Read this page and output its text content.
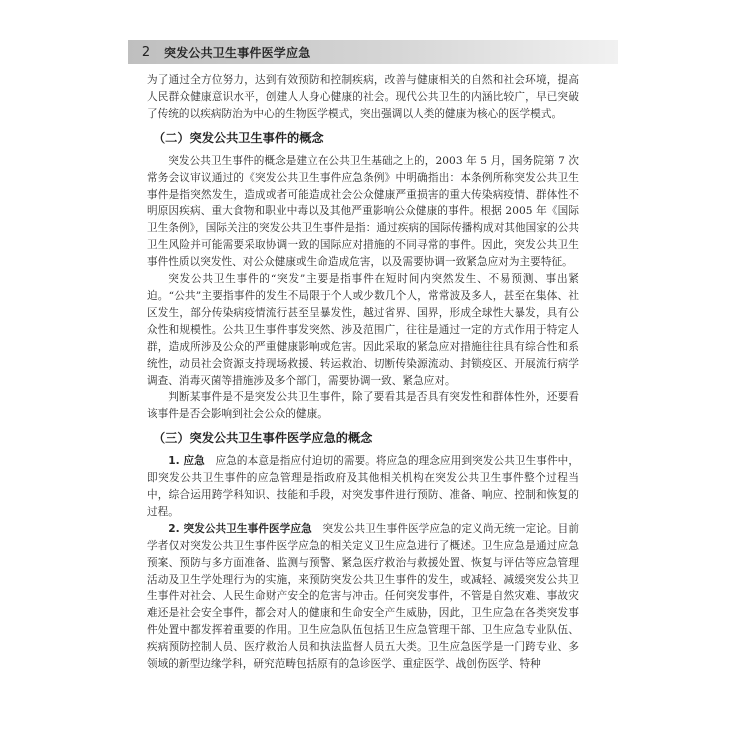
2	突发公共卫生事件医学应急

为了通过全方位努力，达到有效预防和控制疾病，改善与健康相关的自然和社会环境，提高人民群众健康意识水平，创建人人身心健康的社会。现代公共卫生的内涵比较广，早已突破了传统的以疾病防治为中心的生物医学模式，突出强调以人类的健康为核心的医学模式。

（二）突发公共卫生事件的概念

突发公共卫生事件的概念是建立在公共卫生基础之上的，2003 年 5 月，国务院第 7 次常务会议审议通过的《突发公共卫生事件应急条例》中明确指出：本条例所称突发公共卫生事件是指突然发生，造成或者可能造成社会公众健康严重损害的重大传染病疫情、群体性不明原因疾病、重大食物和职业中毒以及其他严重影响公众健康的事件。根据 2005 年《国际卫生条例》，国际关注的突发公共卫生事件是指：通过疾病的国际传播构成对其他国家的公共卫生风险并可能需要采取协调一致的国际应对措施的不同寻常的事件。因此，突发公共卫生事件性质以突发性、对公众健康或生命造成危害，以及需要协调一致紧急应对为主要特征。

突发公共卫生事件的“突发”主要是指事件在短时间内突然发生、不易预测、事出紧迫。“公共”主要指事件的发生不局限于个人或少数几个人，常常波及多人，甚至在集体、社区发生，部分传染病疫情流行甚至呈暴发性，越过省界、国界，形成全球性大暴发，具有公众性和规模性。公共卫生事件事发突然、涉及范围广，往往是通过一定的方式作用于特定人群，造成所涉及公众的严重健康影响或危害。因此采取的紧急应对措施往往具有综合性和系统性，动员社会资源支持现场救援、转运救治、切断传染源流动、封锁疫区、开展流行病学调查、消毒灭菌等措施涉及多个部门，需要协调一致、紧急应对。

判断某事件是不是突发公共卫生事件，除了要看其是否具有突发性和群体性外，还要看该事件是否会影响到社会公众的健康。

（三）突发公共卫生事件医学应急的概念

1. 应急　应急的本意是指应付迫切的需要。将应急的理念应用到突发公共卫生事件中，即突发公共卫生事件的应急管理是指政府及其他相关机构在突发公共卫生事件整个过程当中，综合运用跨学科知识、技能和手段，对突发事件进行预防、准备、响应、控制和恢复的过程。

2. 突发公共卫生事件医学应急　突发公共卫生事件医学应急的定义尚无统一定论。目前学者仅对突发公共卫生事件医学应急的相关定义卫生应急进行了概述。卫生应急是通过应急预案、预防与多方面准备、监测与预警、紧急医疗救治与救援处置、恢复与评估等应急管理活动及卫生学处理行为的实施，来预防突发公共卫生事件的发生，或减轻、减缓突发公共卫生事件对社会、人民生命财产安全的危害与冲击。任何突发事件，不管是自然灾难、事故灾难还是社会安全事件，都会对人的健康和生命安全产生威胁，因此，卫生应急在各类突发事件处置中都发挥着重要的作用。卫生应急队伍包括卫生应急管理干部、卫生应急专业队伍、疾病预防控制人员、医疗救治人员和执法监督人员五大类。卫生应急医学是一门跨专业、多领域的新型边缘学科，研究范畴包括原有的急诊医学、重症医学、战创伤医学、特种
